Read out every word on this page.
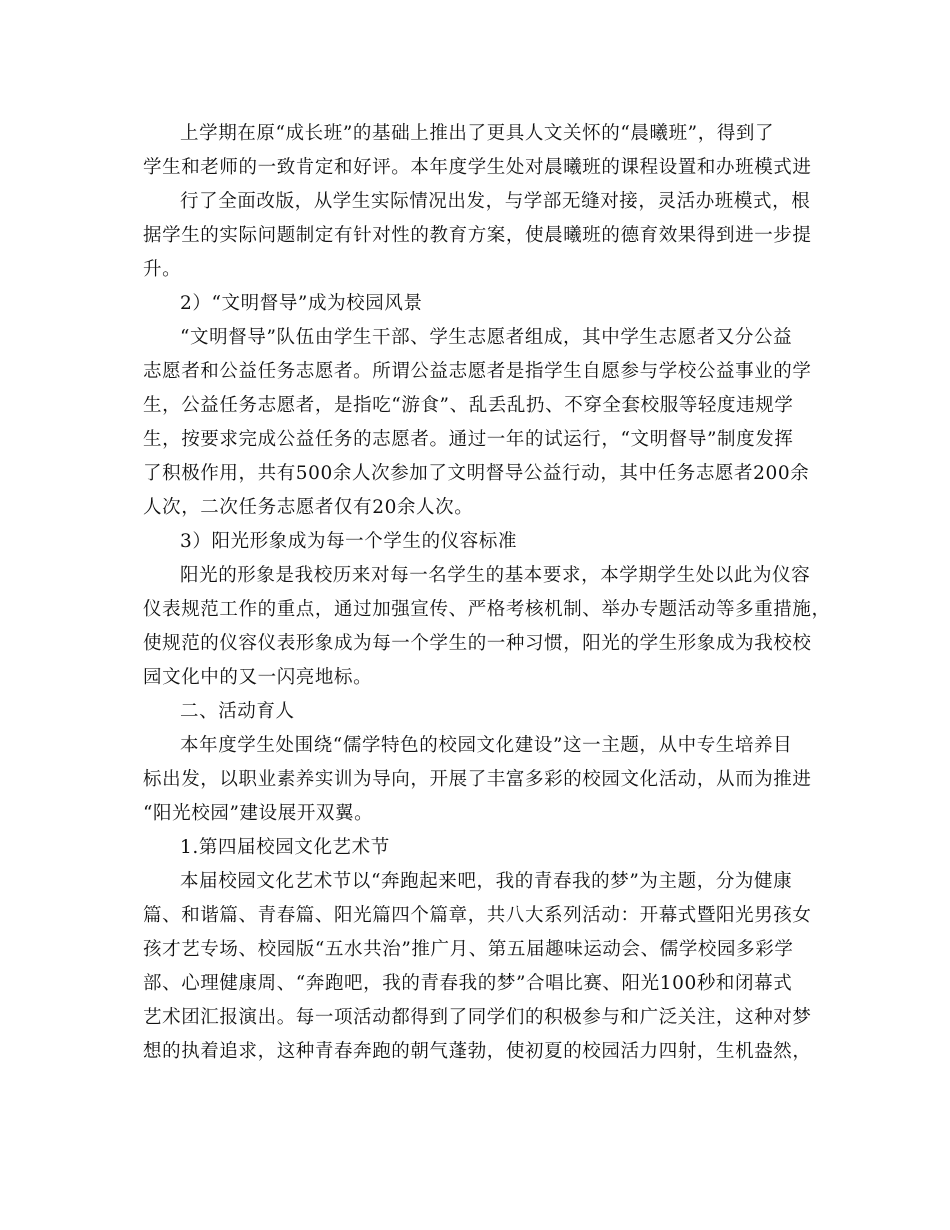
上学期在原“成长班”的基础上推出了更具人文关怀的“晨曦班”，得到了
学生和老师的一致肯定和好评。本年度学生处对晨曦班的课程设置和办班模式进
行了全面改版，从学生实际情况出发，与学部无缝对接，灵活办班模式，根
据学生的实际问题制定有针对性的教育方案，使晨曦班的德育效果得到进一步提
升。
2）“文明督导”成为校园风景
“文明督导”队伍由学生干部、学生志愿者组成，其中学生志愿者又分公益
志愿者和公益任务志愿者。所谓公益志愿者是指学生自愿参与学校公益事业的学
生，公益任务志愿者，是指吃“游食”、乱丢乱扔、不穿全套校服等轻度违规学
生，按要求完成公益任务的志愿者。通过一年的试运行，“文明督导”制度发挥
了积极作用，共有500余人次参加了文明督导公益行动，其中任务志愿者200余
人次，二次任务志愿者仅有20余人次。
3）阳光形象成为每一个学生的仪容标准
阳光的形象是我校历来对每一名学生的基本要求，本学期学生处以此为仪容
仪表规范工作的重点，通过加强宣传、严格考核机制、举办专题活动等多重措施，
使规范的仪容仪表形象成为每一个学生的一种习惯，阳光的学生形象成为我校校
园文化中的又一闪亮地标。
二、活动育人
本年度学生处围绕“儒学特色的校园文化建设”这一主题，从中专生培养目
标出发，以职业素养实训为导向，开展了丰富多彩的校园文化活动，从而为推进
“阳光校园”建设展开双翼。
1.第四届校园文化艺术节
本届校园文化艺术节以“奔跑起来吧，我的青春我的梦”为主题，分为健康
篇、和谐篇、青春篇、阳光篇四个篇章，共八大系列活动：开幕式暨阳光男孩女
孩才艺专场、校园版“五水共治”推广月、第五届趣味运动会、儒学校园多彩学
部、心理健康周、“奔跑吧，我的青春我的梦”合唱比赛、阳光100秒和闭幕式
艺术团汇报演出。每一项活动都得到了同学们的积极参与和广泛关注，这种对梦
想的执着追求，这种青春奔跑的朝气蓬勃，使初夏的校园活力四射，生机盎然，
